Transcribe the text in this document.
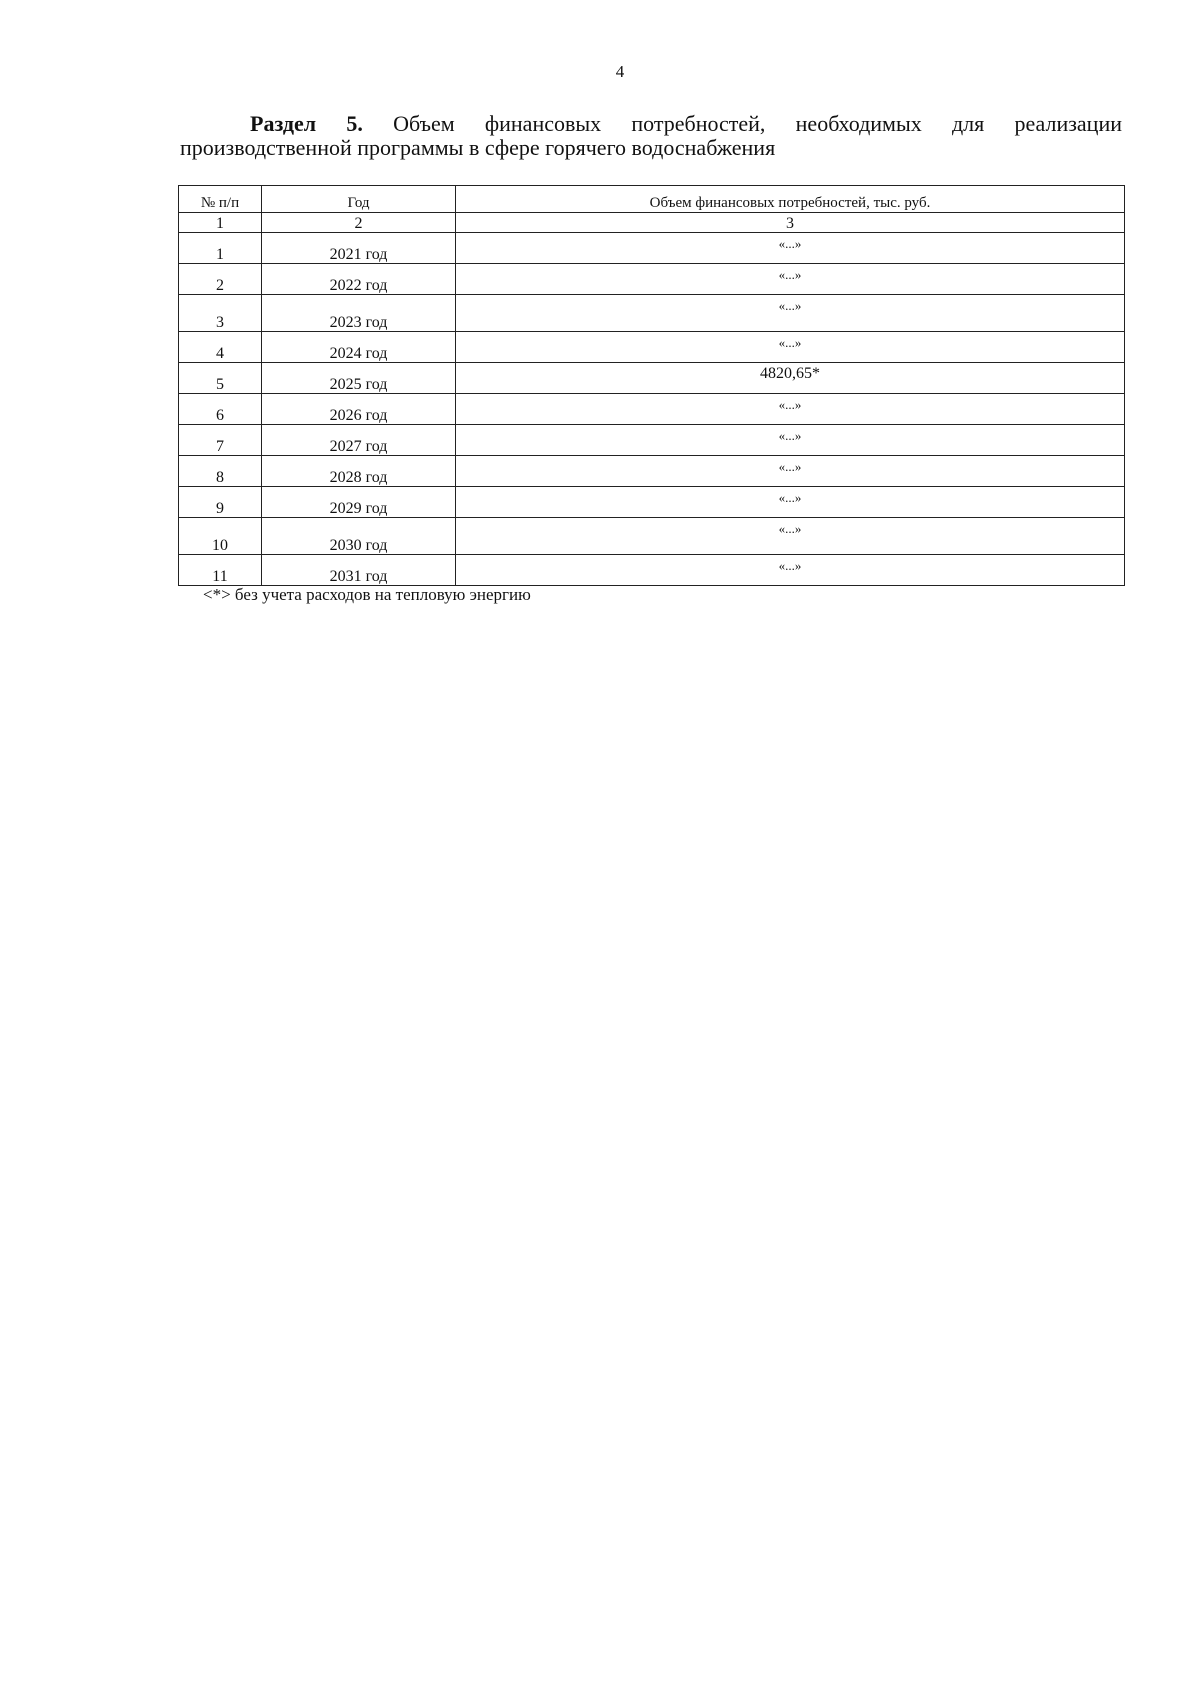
4
Раздел 5. Объем финансовых потребностей, необходимых для реализации
производственной программы в сфере горячего водоснабжения
№ п/п	Год	Объем финансовых потребностей, тыс. руб.
1	2	3
1	2021 год	«...»
2	2022 год	«...»
3	2023 год	«...»
4	2024 год	«...»
5	2025 год	4820,65*
6	2026 год	«...»
7	2027 год	«...»
8	2028 год	«...»
9	2029 год	«...»
10	2030 год	«...»
11	2031 год	«...»
<*> без учета расходов на тепловую энергию
